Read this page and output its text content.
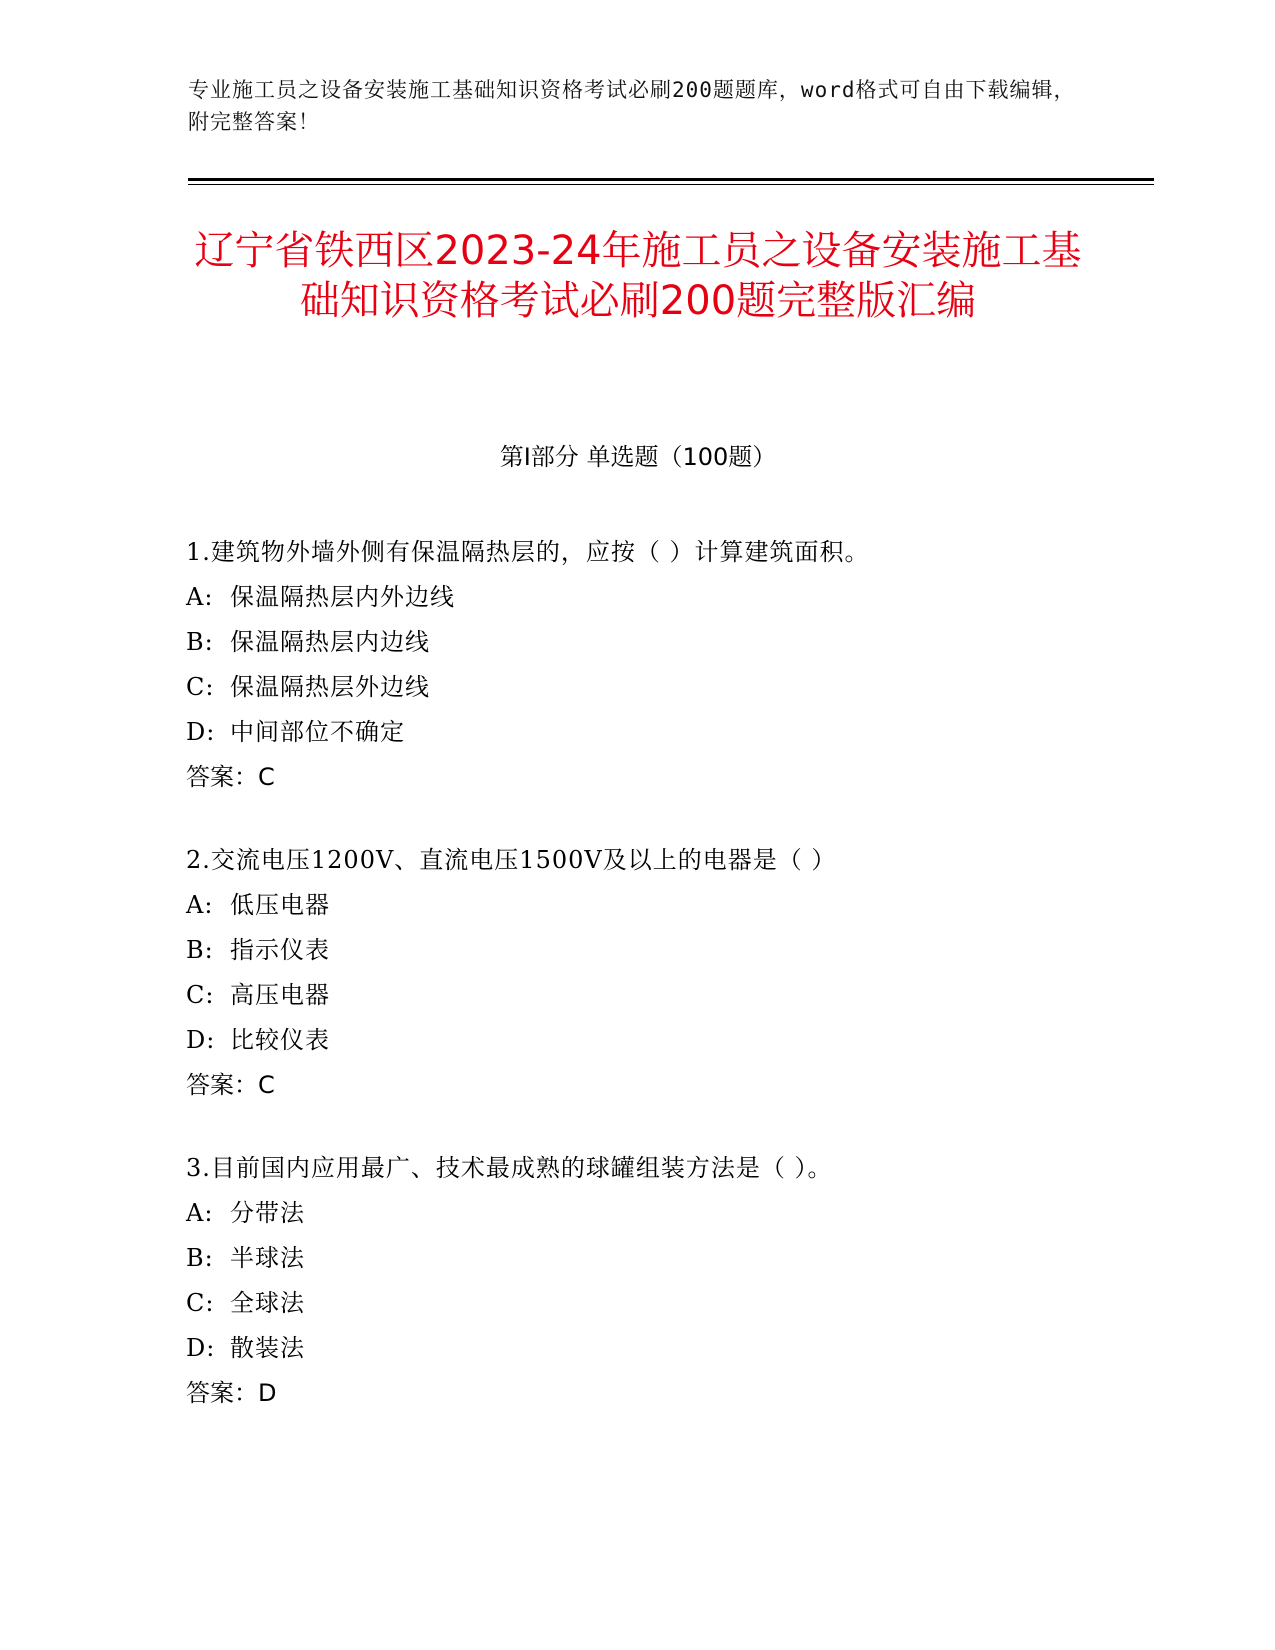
专业施工员之设备安装施工基础知识资格考试必刷200题题库，word格式可自由下载编辑，附完整答案！
辽宁省铁西区2023-24年施工员之设备安装施工基础知识资格考试必刷200题完整版汇编
第Ⅰ部分 单选题（100题）
1.建筑物外墙外侧有保温隔热层的，应按（ ）计算建筑面积。
A: 保温隔热层内外边线
B: 保温隔热层内边线
C: 保温隔热层外边线
D: 中间部位不确定
答案：C
2.交流电压1200V、直流电压1500V及以上的电器是（ ）
A: 低压电器
B: 指示仪表
C: 高压电器
D: 比较仪表
答案：C
3.目前国内应用最广、技术最成熟的球罐组装方法是（ ）。
A: 分带法
B: 半球法
C: 全球法
D: 散装法
答案：D
